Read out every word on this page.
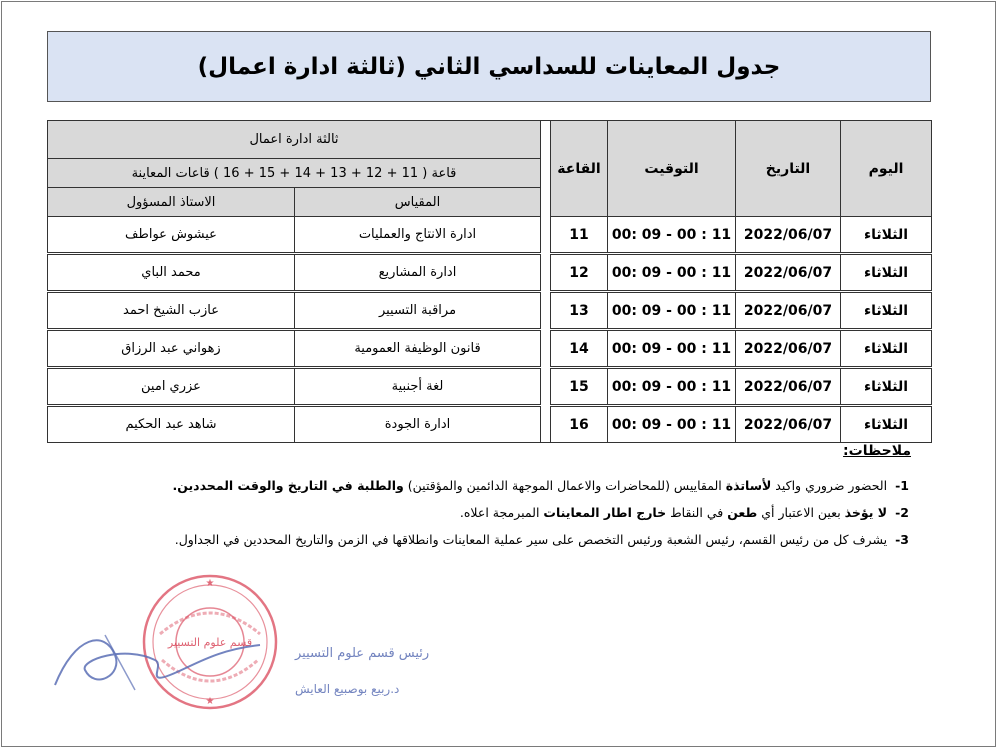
جدول المعاينات للسداسي الثاني (ثالثة ادارة اعمال)
اليوم	التاريخ	التوقيت	القاعة		ثالثة ادارة اعمال	
					قاعة ( 11 + 12 + 13 + 14 + 15 + 16 ) قاعات المعاينة	
					المقياس	الاستاذ المسؤول
الثلاثاء	2022/06/07	11 : 00 - 09 :00	11		ادارة الانتاج والعمليات	عيشوش عواطف
الثلاثاء	2022/06/07	11 : 00 - 09 :00	12		ادارة المشاريع	محمد الباي
الثلاثاء	2022/06/07	11 : 00 - 09 :00	13		مراقبة التسيير	عازب الشيخ احمد
الثلاثاء	2022/06/07	11 : 00 - 09 :00	14		قانون الوظيفة العمومية	زهواني عبد الرزاق
الثلاثاء	2022/06/07	11 : 00 - 09 :00	15		لغة أجنبية	عزري امين
الثلاثاء	2022/06/07	11 : 00 - 09 :00	16		ادارة الجودة	شاهد عبد الحكيم
ملاحظات:
1-الحضور ضروري واكيد لأساتذة المقاييس (للمحاضرات والاعمال الموجهة الدائمين والمؤقتين) والطلبة في التاريخ والوقت المحددين.
2-لا يؤخذ بعين الاعتبار أي طعن في النقاط خارج اطار المعاينات المبرمجة اعلاه.
3-يشرف كل من رئيس القسم، رئيس الشعبة ورئيس التخصص على سير عملية المعاينات وانطلاقها في الزمن والتاريخ المحددين في الجداول.
★
★
قسم علوم التسيير
رئيس قسم علوم التسيير
د.ربيع بوصبيع العايش
